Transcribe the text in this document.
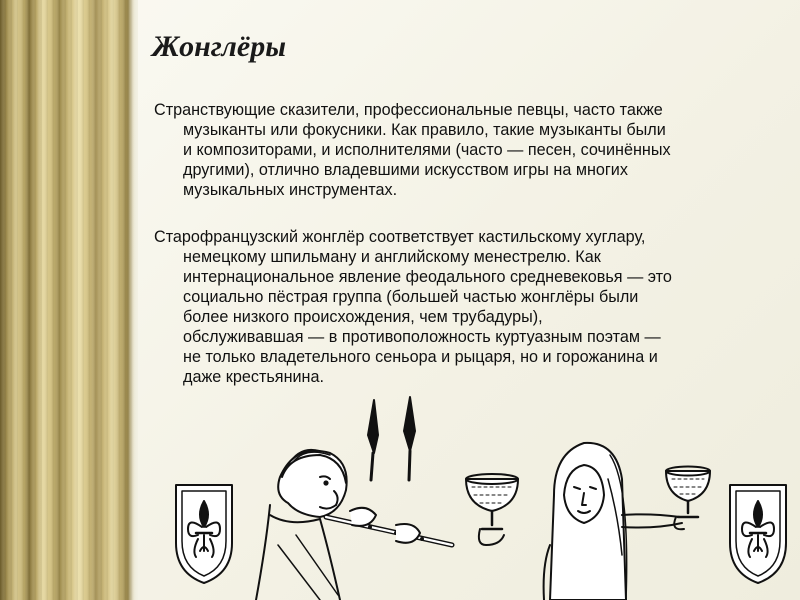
Жонглёры

Странствующие сказители, профессиональные певцы, часто также
музыканты или фокусники. Как правило, такие музыканты были
и композиторами, и исполнителями (часто — песен, сочинённых
другими), отлично владевшими искусством игры на многих
музыкальных инструментах.

Старофранцузский жонглёр соответствует кастильскому хуглару,
немецкому шпильману и английскому менестрелю. Как
интернациональное явление феодального средневековья — это
социально пёстрая группа (большей частью жонглёры были
более низкого происхождения, чем трубадуры),
обслуживавшая — в противоположность куртуазным поэтам —
не только владетельного сеньора и рыцаря, но и горожанина и
даже крестьянина.
